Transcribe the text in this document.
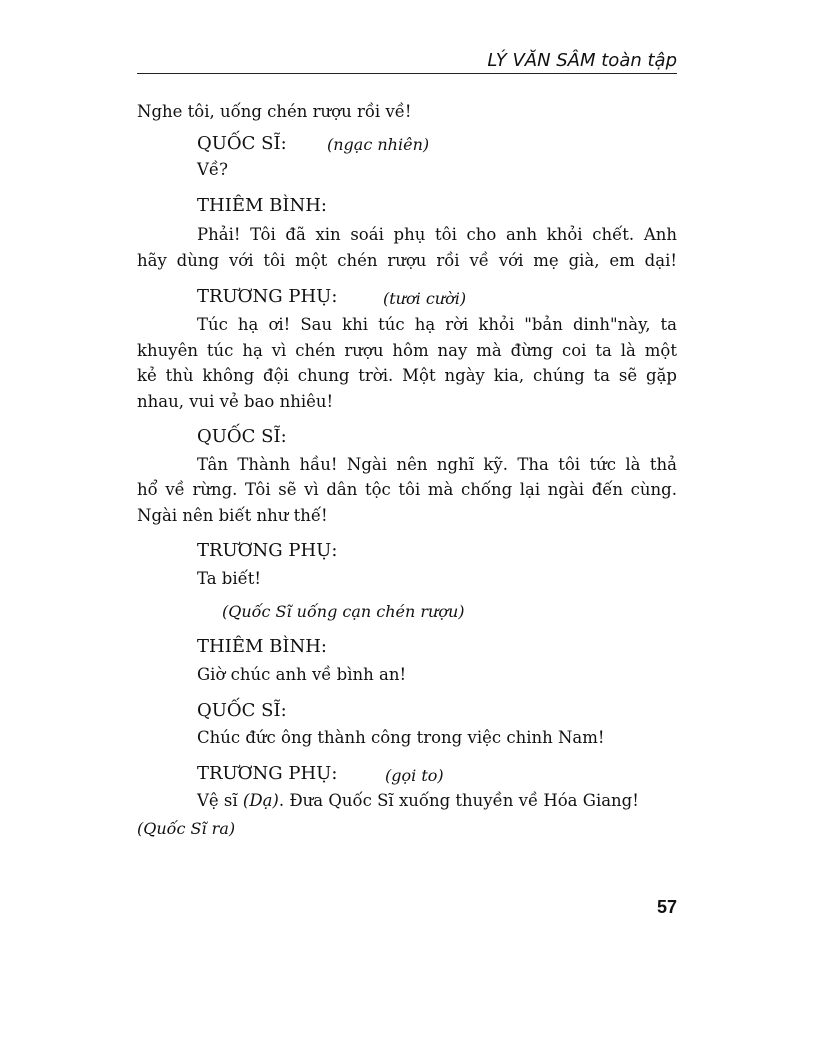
LÝ VĂN SÂM toàn tập
Nghe tôi, uống chén rượu rồi về!
QUỐC SĨ:	(ngạc nhiên)
Về?
THIÊM BÌNH:
Phải! Tôi đã xin soái phụ tôi cho anh khỏi chết. Anh
hãy dùng với tôi một chén rượu rồi về với mẹ già, em dại!
TRƯƠNG PHỤ:	(tươi cười)
Túc hạ ơi! Sau khi túc hạ rời khỏi "bản dinh"này, ta
khuyên túc hạ vì chén rượu hôm nay mà đừng coi ta là một
kẻ thù không đội chung trời. Một ngày kia, chúng ta sẽ gặp
nhau, vui vẻ bao nhiêu!
QUỐC SĨ:
Tân Thành hầu! Ngài nên nghĩ kỹ. Tha tôi tức là thả
hổ về rừng. Tôi sẽ vì dân tộc tôi mà chống lại ngài đến cùng.
Ngài nên biết như thế!
TRƯƠNG PHỤ:
Ta biết!
(Quốc Sĩ uống cạn chén rượu)
THIÊM BÌNH:
Giờ chúc anh về bình an!
QUỐC SĨ:
Chúc đức ông thành công trong việc chinh Nam!
TRƯƠNG PHỤ:	(gọi to)
Vệ sĩ (Dạ). Đưa Quốc Sĩ xuống thuyền về Hóa Giang!
(Quốc Sĩ ra)
57
